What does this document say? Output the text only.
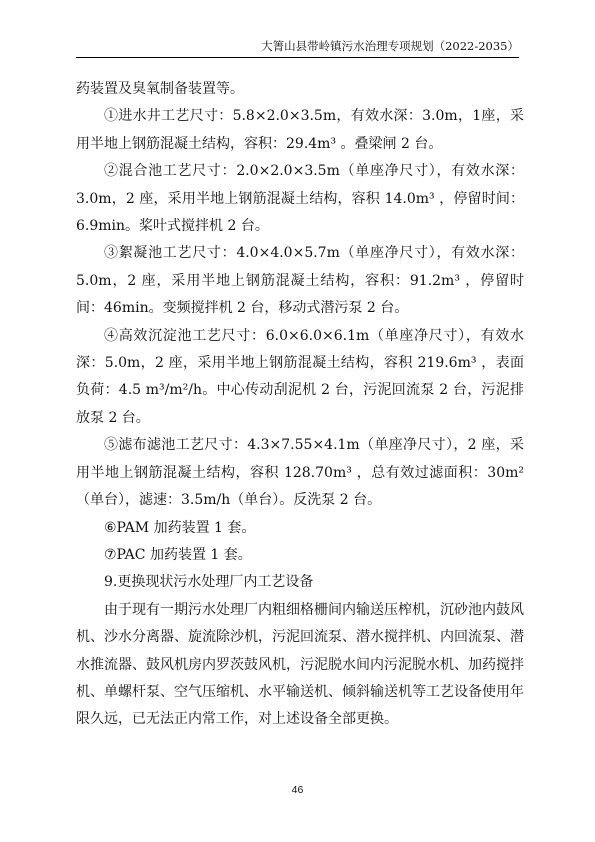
大箐山县带岭镇污水治理专项规划（2022-2035）

药装置及臭氧制备装置等。

①进水井工艺尺寸：5.8×2.0×3.5m，有效水深：3.0m，1座，采用半地上钢筋混凝土结构，容积：29.4m³ 。叠梁闸 2 台。

②混合池工艺尺寸：2.0×2.0×3.5m（单座净尺寸），有效水深：3.0m，2 座，采用半地上钢筋混凝土结构，容积 14.0m³ ，停留时间：6.9min。桨叶式搅拌机 2 台。

③絮凝池工艺尺寸：4.0×4.0×5.7m（单座净尺寸），有效水深：5.0m，2 座，采用半地上钢筋混凝土结构，容积：91.2m³ ，停留时间：46min。变频搅拌机 2 台，移动式潜污泵 2 台。

④高效沉淀池工艺尺寸：6.0×6.0×6.1m（单座净尺寸），有效水深：5.0m，2 座，采用半地上钢筋混凝土结构，容积 219.6m³ ，表面负荷：4.5 m³/m²/h。中心传动刮泥机 2 台，污泥回流泵 2 台，污泥排放泵 2 台。

⑤滤布滤池工艺尺寸：4.3×7.55×4.1m（单座净尺寸），2 座，采用半地上钢筋混凝土结构，容积 128.70m³ ，总有效过滤面积：30m²（单台），滤速：3.5m/h（单台）。反洗泵 2 台。

⑥PAM 加药装置 1 套。

⑦PAC 加药装置 1 套。

9.更换现状污水处理厂内工艺设备

由于现有一期污水处理厂内粗细格栅间内输送压榨机，沉砂池内鼓风机、沙水分离器、旋流除沙机，污泥回流泵、潜水搅拌机、内回流泵、潜水推流器、鼓风机房内罗茨鼓风机，污泥脱水间内污泥脱水机、加药搅拌机、单螺杆泵、空气压缩机、水平输送机、倾斜输送机等工艺设备使用年限久远，已无法正内常工作，对上述设备全部更换。

46
